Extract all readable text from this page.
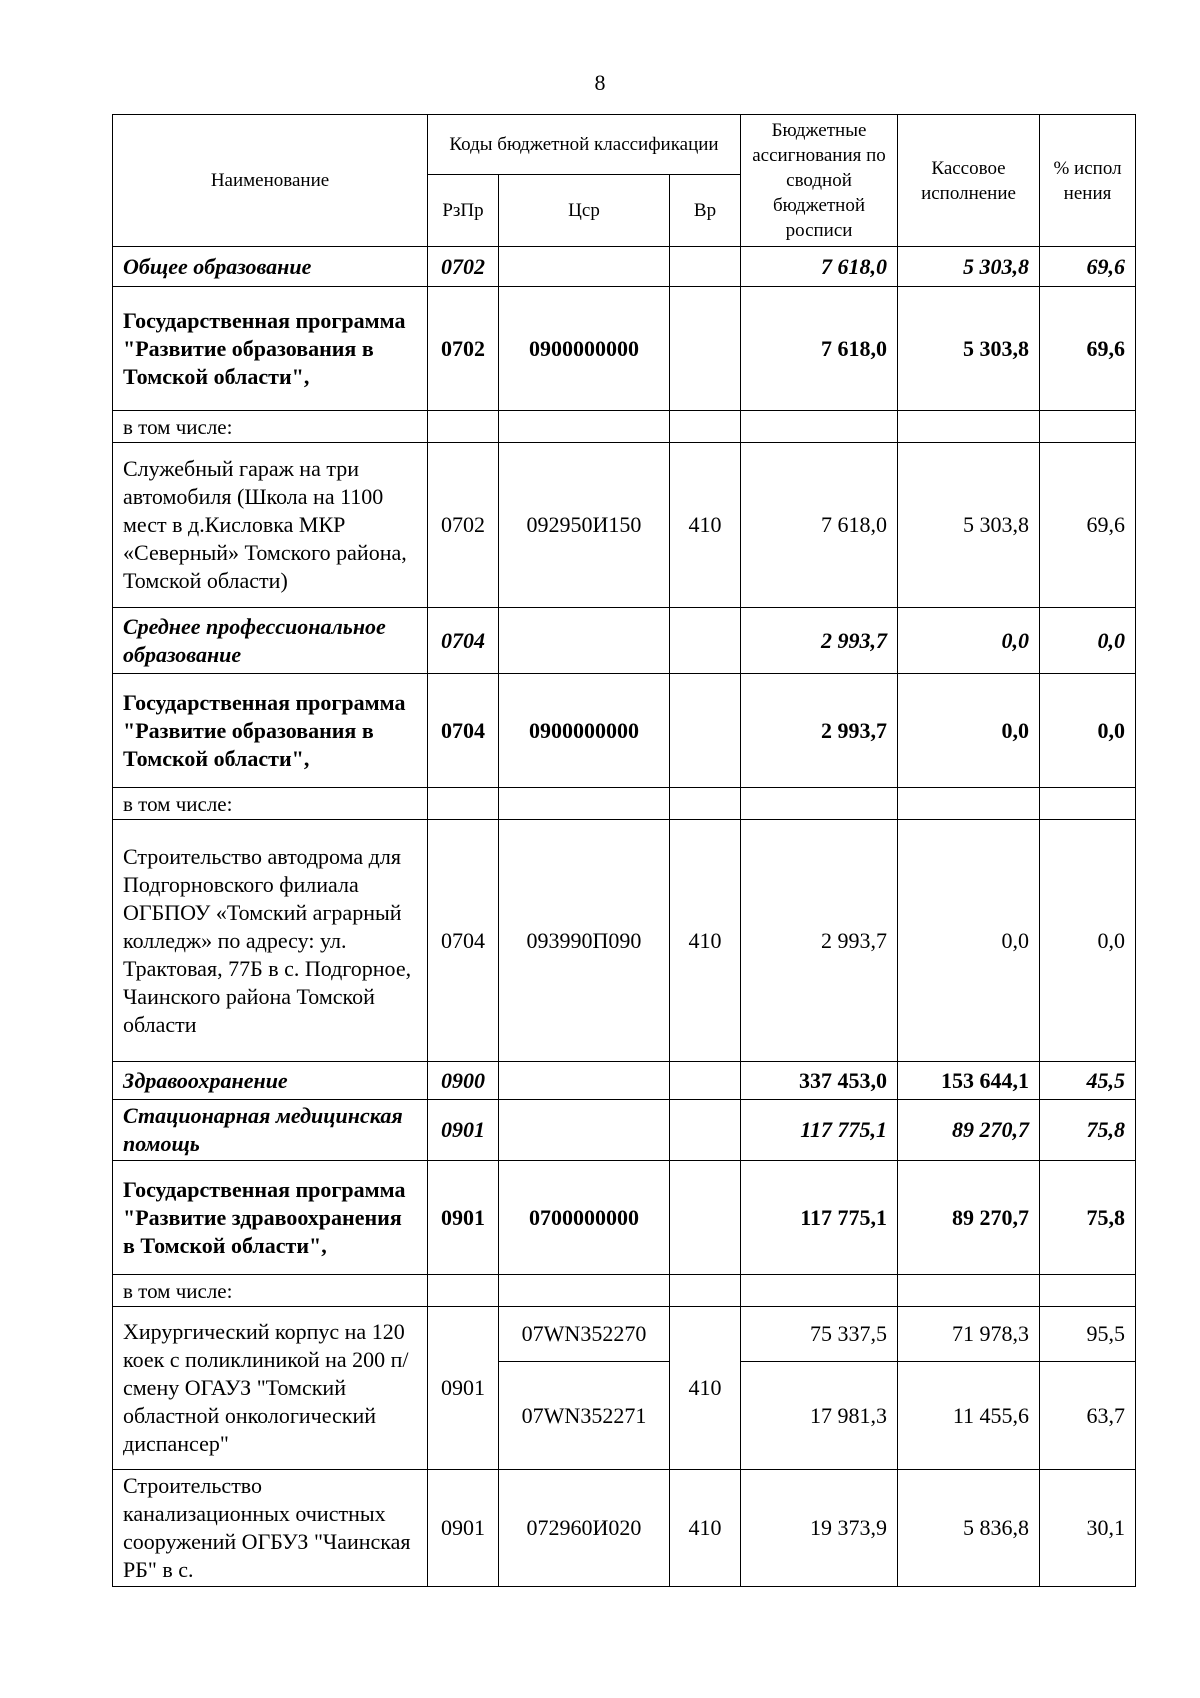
8
Наименование	Коды бюджетной классификации			Бюджетные ассигнования по сводной бюджетной росписи	Кассовое исполнение	% испол нения
	РзПр	Цср	Вр			
Общее образование	0702			7 618,0	5 303,8	69,6
Государственная программа "Развитие образования в Томской области",	0702	0900000000		7 618,0	5 303,8	69,6
в том числе:						
Служебный гараж на три автомобиля (Школа на 1100 мест в д.Кисловка МКР «Северный» Томского района, Томской области)	0702	092950И150	410	7 618,0	5 303,8	69,6
Среднее профессиональное образование	0704			2 993,7	0,0	0,0
Государственная программа "Развитие образования в Томской области",	0704	0900000000		2 993,7	0,0	0,0
в том числе:						
Строительство автодрома для Подгорновского филиала ОГБПОУ «Томский аграрный колледж» по адресу: ул. Трактовая, 77Б в с. Подгорное, Чаинского района Томской области	0704	093990П090	410	2 993,7	0,0	0,0
Здравоохранение	0900			337 453,0	153 644,1	45,5
Стационарная медицинская помощь	0901			117 775,1	89 270,7	75,8
Государственная программа "Развитие здравоохранения в Томской области",	0901	0700000000		117 775,1	89 270,7	75,8
в том числе:						
Хирургический корпус на 120 коек с поликлиникой на 200 п/смену ОГАУЗ "Томский областной онкологический диспансер"	0901	07WN352270	410	75 337,5	71 978,3	95,5
		07WN352271		17 981,3	11 455,6	63,7
Строительство канализационных очистных сооружений ОГБУЗ "Чаинская РБ" в с.	0901	072960И020	410	19 373,9	5 836,8	30,1
